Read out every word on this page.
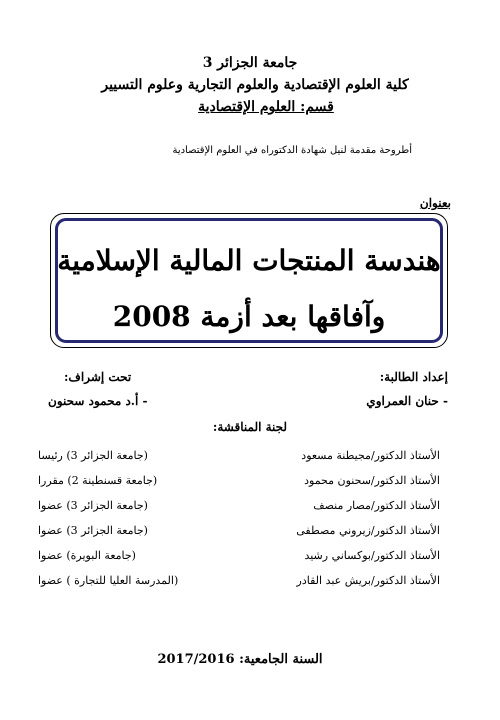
جامعة الجزائر 3
كلية العلوم الإقتصادية والعلوم التجارية وعلوم التسيير
قسم: العلوم الإقتصادية
أطروحة مقدمة لنيل شهادة الدكتوراه في العلوم الإقتصادية
بعنوان
هندسة المنتجات المالية الإسلامية
وآفاقها بعد أزمة 2008
إعداد الطالبة:
تحت إشراف:
- حنان العمراوي
- أ.د محمود سحنون
لجنة المناقشة:
الأستاذ الدكتور/مجيطنة مسعود
(جامعة الجزائر 3) رئيسا
الأستاذ الدكتور/سحنون محمود
(جامعة قسنطينة 2) مقررا
الأستاذ الدكتور/مصار منصف
(جامعة الجزائر 3) عضوا
الأستاذ الدكتور/زيروني مصطفى
(جامعة الجزائر 3) عضوا
الأستاذ الدكتور/بوكساني رشيد
(جامعة البويرة) عضوا
الأستاذ الدكتور/بريش عبد القادر
(المدرسة العليا للتجارة ) عضوا
السنة الجامعية: 2017/2016
